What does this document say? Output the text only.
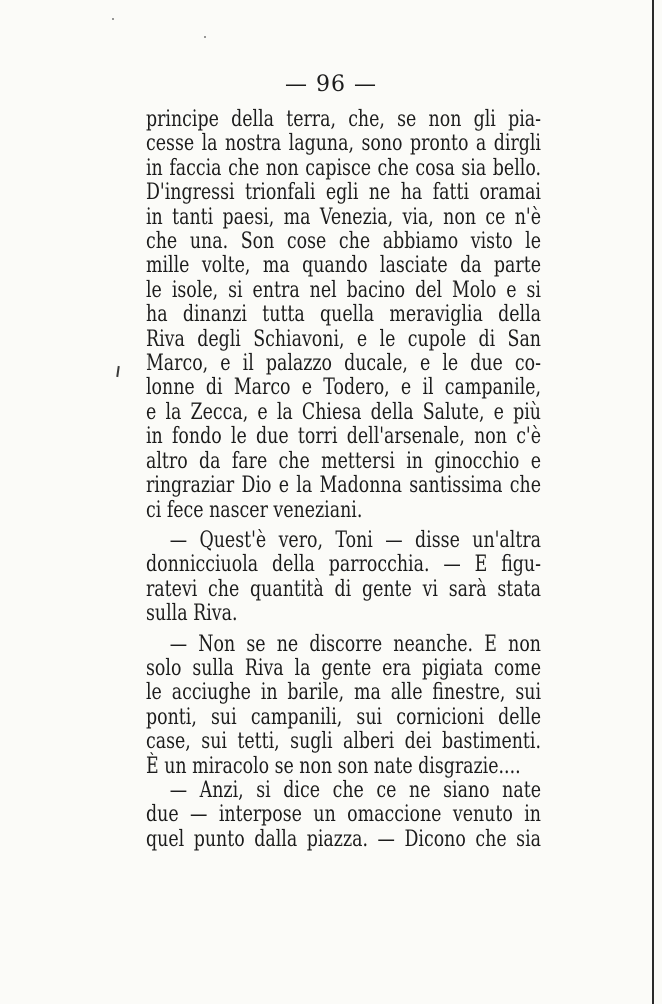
— 96 —
principe della terra, che, se non gli pia-
cesse la nostra laguna, sono pronto a dirgli
in faccia che non capisce che cosa sia bello.
D'ingressi trionfali egli ne ha fatti oramai
in tanti paesi, ma Venezia, via, non ce n'è
che una. Son cose che abbiamo visto le
mille volte, ma quando lasciate da parte
le isole, si entra nel bacino del Molo e si
ha dinanzi tutta quella meraviglia della
Riva degli Schiavoni, e le cupole di San
Marco, e il palazzo ducale, e le due co-
lonne di Marco e Todero, e il campanile,
e la Zecca, e la Chiesa della Salute, e più
in fondo le due torri dell'arsenale, non c'è
altro da fare che mettersi in ginocchio e
ringraziar Dio e la Madonna santissima che
ci fece nascer veneziani.
— Quest'è vero, Toni — disse un'altra
donnicciuola della parrocchia. — E figu-
ratevi che quantità di gente vi sarà stata
sulla Riva.
— Non se ne discorre neanche. E non
solo sulla Riva la gente era pigiata come
le acciughe in barile, ma alle finestre, sui
ponti, sui campanili, sui cornicioni delle
case, sui tetti, sugli alberi dei bastimenti.
È un miracolo se non son nate disgrazie....
— Anzi, si dice che ce ne siano nate
due — interpose un omaccione venuto in
quel punto dalla piazza. — Dicono che sia
